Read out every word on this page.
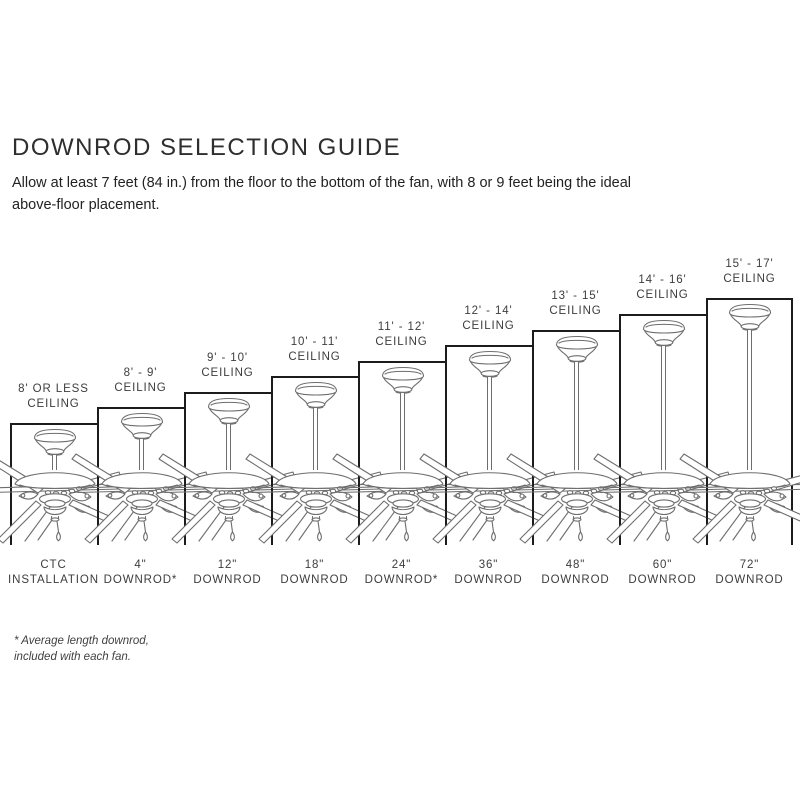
DOWNROD SELECTION GUIDE

Allow at least 7 feet (84 in.) from the floor to the bottom of the fan, with 8 or 9 feet being the ideal
above-floor placement.

8' OR LESS
CEILING
CTC
INSTALLATION
8' - 9'
CEILING
4"
DOWNROD*
9' - 10'
CEILING
12"
DOWNROD
10' - 11'
CEILING
18"
DOWNROD
11' - 12'
CEILING
24"
DOWNROD*
12' - 14'
CEILING
36"
DOWNROD
13' - 15'
CEILING
48"
DOWNROD
14' - 16'
CEILING
60"
DOWNROD
15' - 17'
CEILING
72"
DOWNROD

* Average length downrod,
included with each fan.
